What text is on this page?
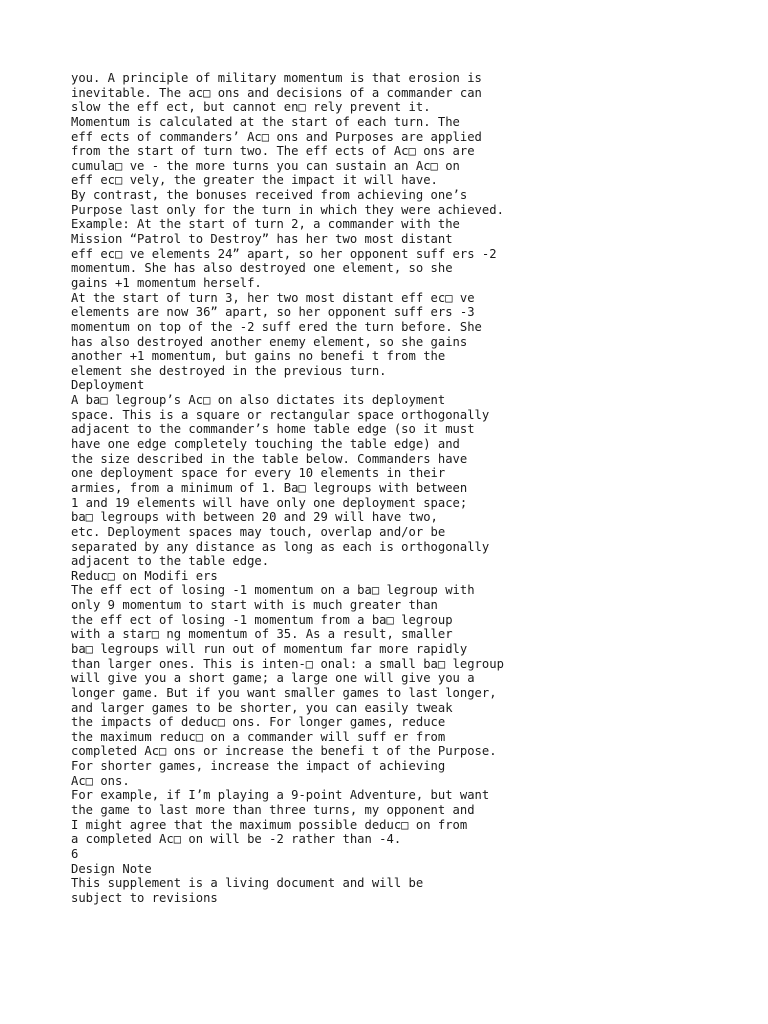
you. A principle of military momentum is that erosion is
inevitable. The ac□ ons and decisions of a commander can
slow the eff ect, but cannot en□ rely prevent it.
Momentum is calculated at the start of each turn. The
eff ects of commanders’ Ac□ ons and Purposes are applied
from the start of turn two. The eff ects of Ac□ ons are
cumula□ ve - the more turns you can sustain an Ac□ on
eff ec□ vely, the greater the impact it will have.
By contrast, the bonuses received from achieving one’s
Purpose last only for the turn in which they were achieved.
Example: At the start of turn 2, a commander with the
Mission “Patrol to Destroy” has her two most distant
eff ec□ ve elements 24” apart, so her opponent suff ers -2
momentum. She has also destroyed one element, so she
gains +1 momentum herself.
At the start of turn 3, her two most distant eff ec□ ve
elements are now 36” apart, so her opponent suff ers -3
momentum on top of the -2 suff ered the turn before. She
has also destroyed another enemy element, so she gains
another +1 momentum, but gains no benefi t from the
element she destroyed in the previous turn.
Deployment
A ba□ legroup’s Ac□ on also dictates its deployment
space. This is a square or rectangular space orthogonally
adjacent to the commander’s home table edge (so it must
have one edge completely touching the table edge) and
the size described in the table below. Commanders have
one deployment space for every 10 elements in their
armies, from a minimum of 1. Ba□ legroups with between
1 and 19 elements will have only one deployment space;
ba□ legroups with between 20 and 29 will have two,
etc. Deployment spaces may touch, overlap and/or be
separated by any distance as long as each is orthogonally
adjacent to the table edge.
Reduc□ on Modifi ers
The eff ect of losing -1 momentum on a ba□ legroup with
only 9 momentum to start with is much greater than
the eff ect of losing -1 momentum from a ba□ legroup
with a star□ ng momentum of 35. As a result, smaller
ba□ legroups will run out of momentum far more rapidly
than larger ones. This is inten-□ onal: a small ba□ legroup
will give you a short game; a large one will give you a
longer game. But if you want smaller games to last longer,
and larger games to be shorter, you can easily tweak
the impacts of deduc□ ons. For longer games, reduce
the maximum reduc□ on a commander will suff er from
completed Ac□ ons or increase the benefi t of the Purpose.
For shorter games, increase the impact of achieving
Ac□ ons.
For example, if I’m playing a 9-point Adventure, but want
the game to last more than three turns, my opponent and
I might agree that the maximum possible deduc□ on from
a completed Ac□ on will be -2 rather than -4.
6
Design Note
This supplement is a living document and will be
subject to revisions
